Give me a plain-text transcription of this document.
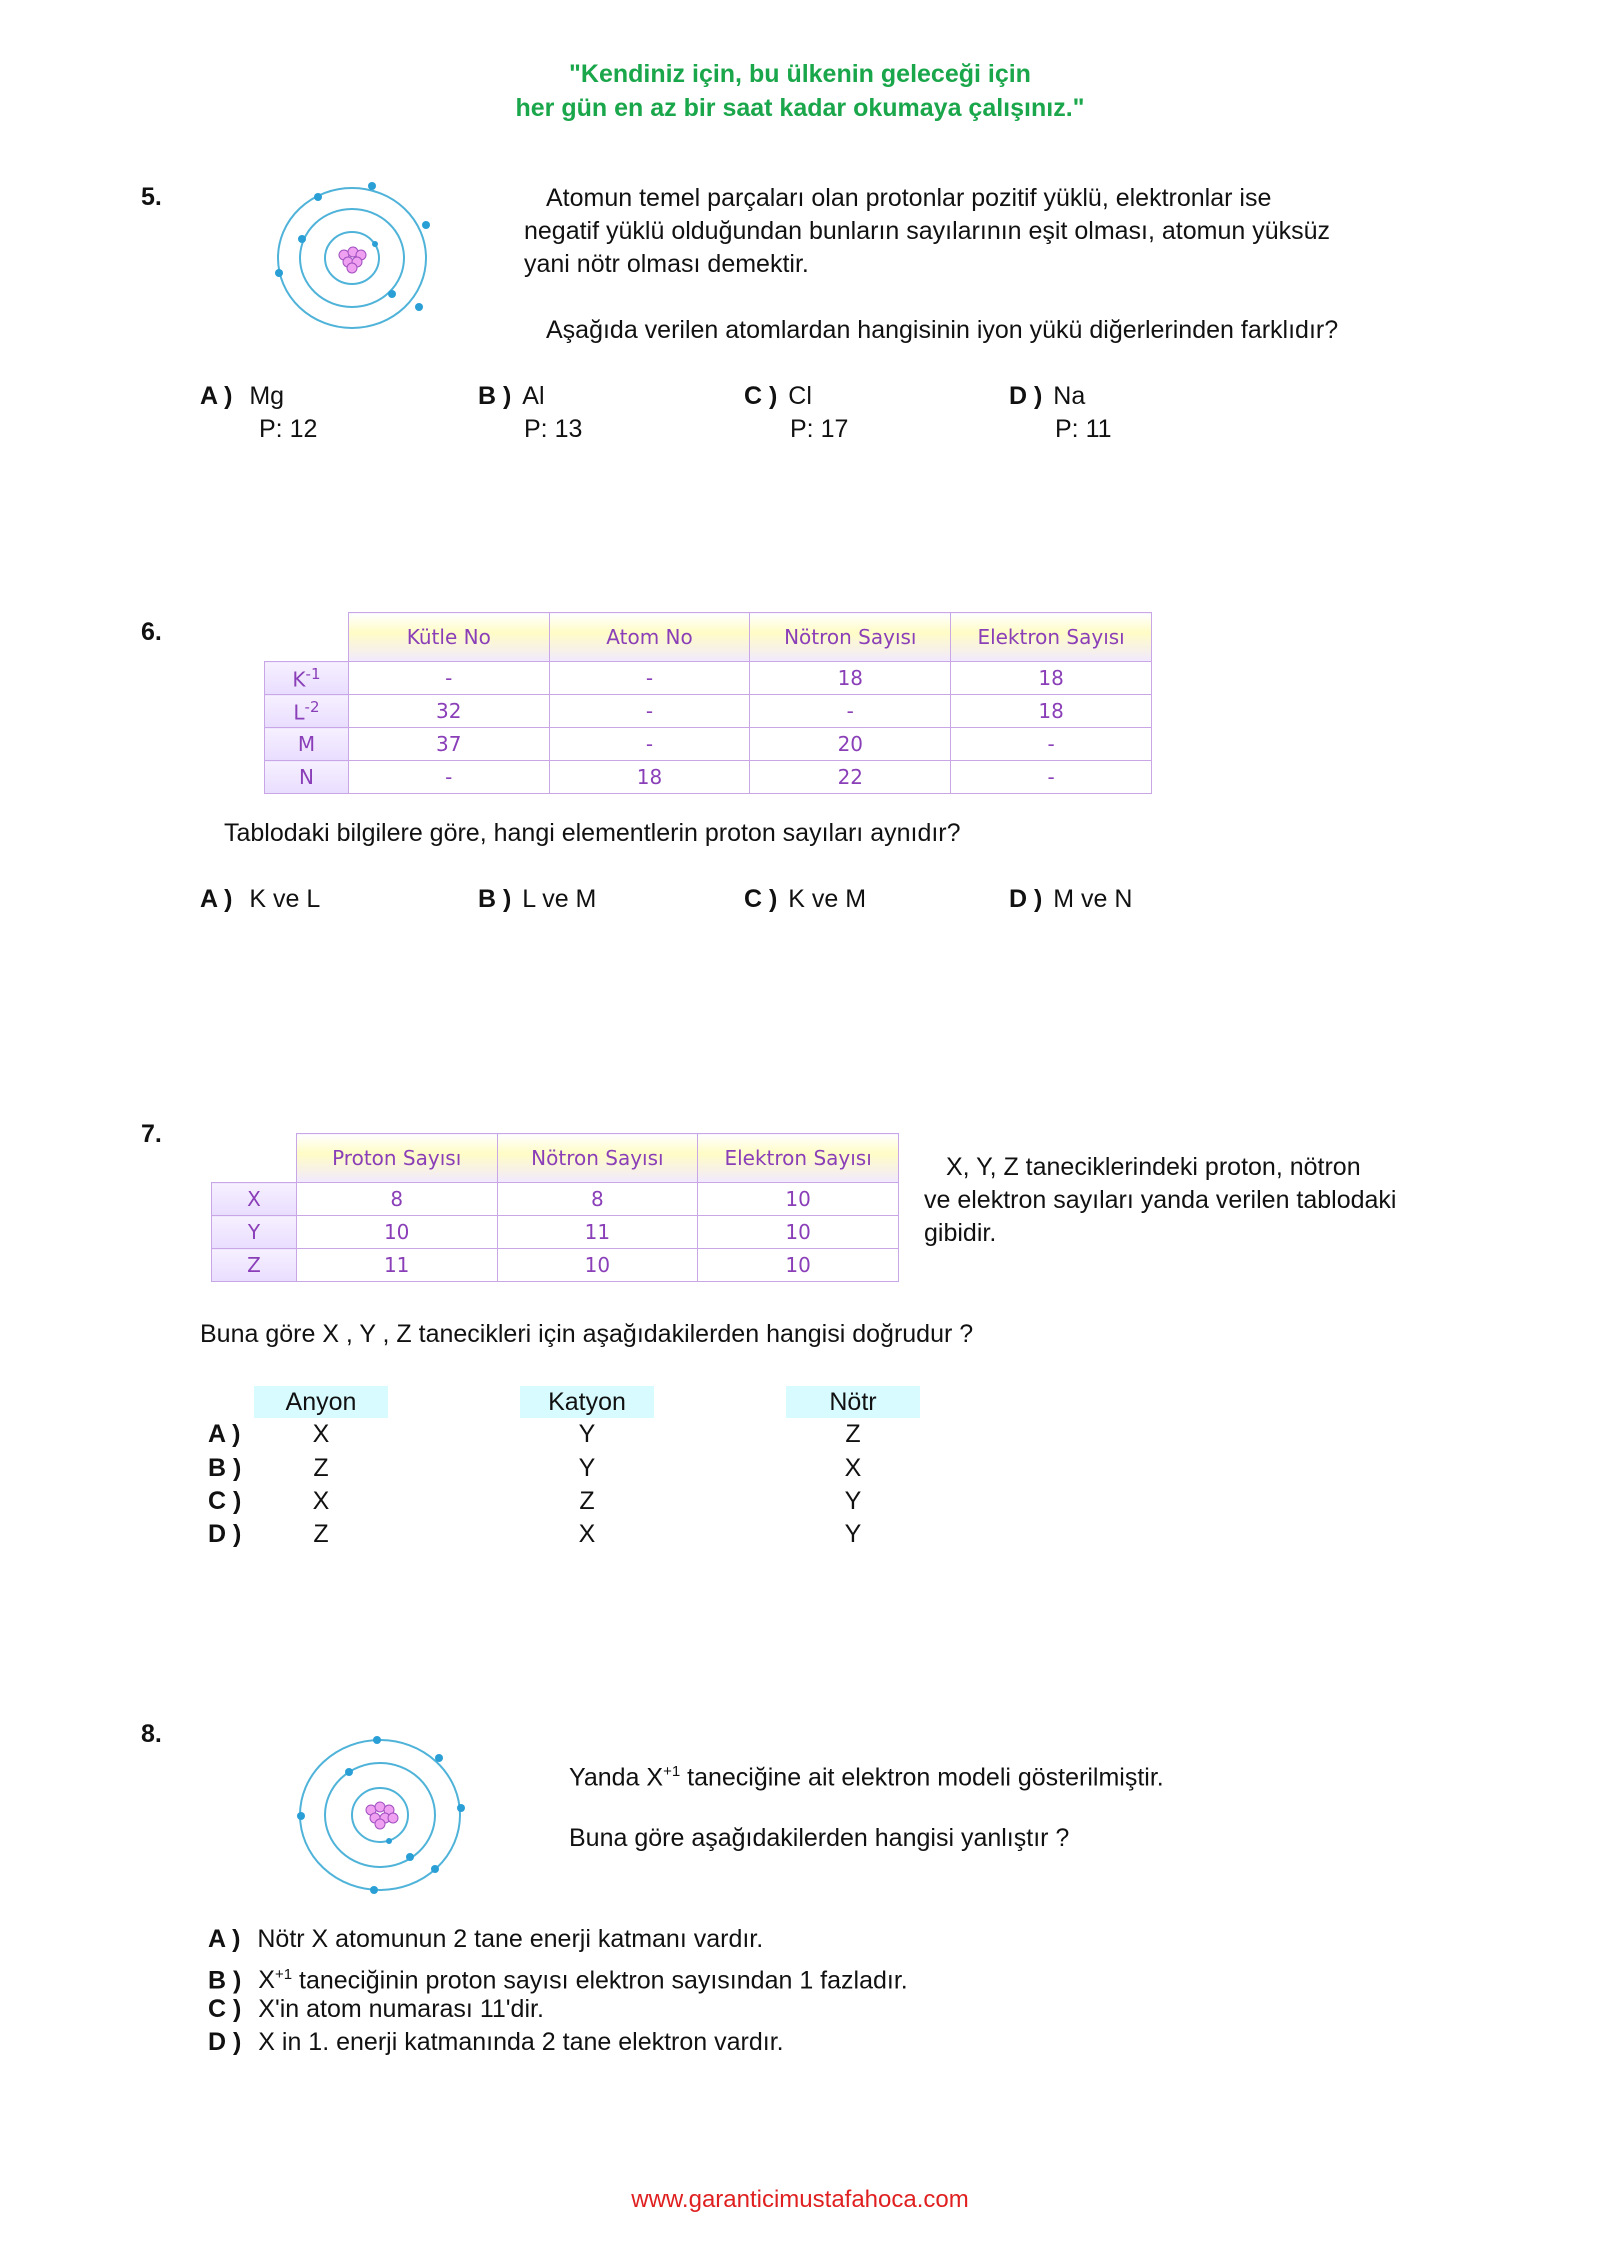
"Kendiniz için, bu ülkenin geleceği için
her gün en az bir saat kadar okumaya çalışınız."
5.	Atomun temel parçaları olan protonlar pozitif yüklü, elektronlar ise
negatif yüklü olduğundan bunların sayılarının eşit olması, atomun yüksüz
yani nötr olması demektir.
Aşağıda verilen atomlardan hangisinin iyon yükü diğerlerinden farklıdır?
A ) Mg
P: 12
B ) Al
P: 13
C ) Cl
P: 17
D ) Na
P: 11
6.
		Kütle No	Atom No	Nötron Sayısı	Elektron Sayısı
$K^{-1}$	-	-	18	18
$L^{-2}$	32	-	-	18
M	37	-	20	-
N	-	18	22	-
Tablodaki bilgilere göre, hangi elementlerin proton sayıları aynıdır?
A ) K ve L	B ) L ve M	C ) K ve M	D ) M ve N
7.
	Proton Sayısı	Nötron Sayısı	Elektron Sayısı
X	8	8	10
Y	10	11	10
Z	11	10	10
X, Y, Z taneciklerindeki proton, nötron
ve elektron sayıları yanda verilen tablodaki
gibidir.
Buna göre X , Y , Z tanecikleri için aşağıdakilerden hangisi doğrudur ?
Anyon	Katyon	Nötr
A )	X	Y	Z
B )	Z	Y	X
C )	X	Z	Y
D )	Z	X	Y
8.
Yanda $X^{+1}$ taneciğine ait elektron modeli gösterilmiştir.
Buna göre aşağıdakilerden hangisi yanlıştır ?
A ) Nötr X atomunun 2 tane enerji katmanı vardır.
B ) $X^{+1}$ taneciğinin proton sayısı elektron sayısından 1 fazladır.
C ) X'in atom numarası 11'dir.
D ) X in 1. enerji katmanında 2 tane elektron vardır.
www.garanticimustafahoca.com
